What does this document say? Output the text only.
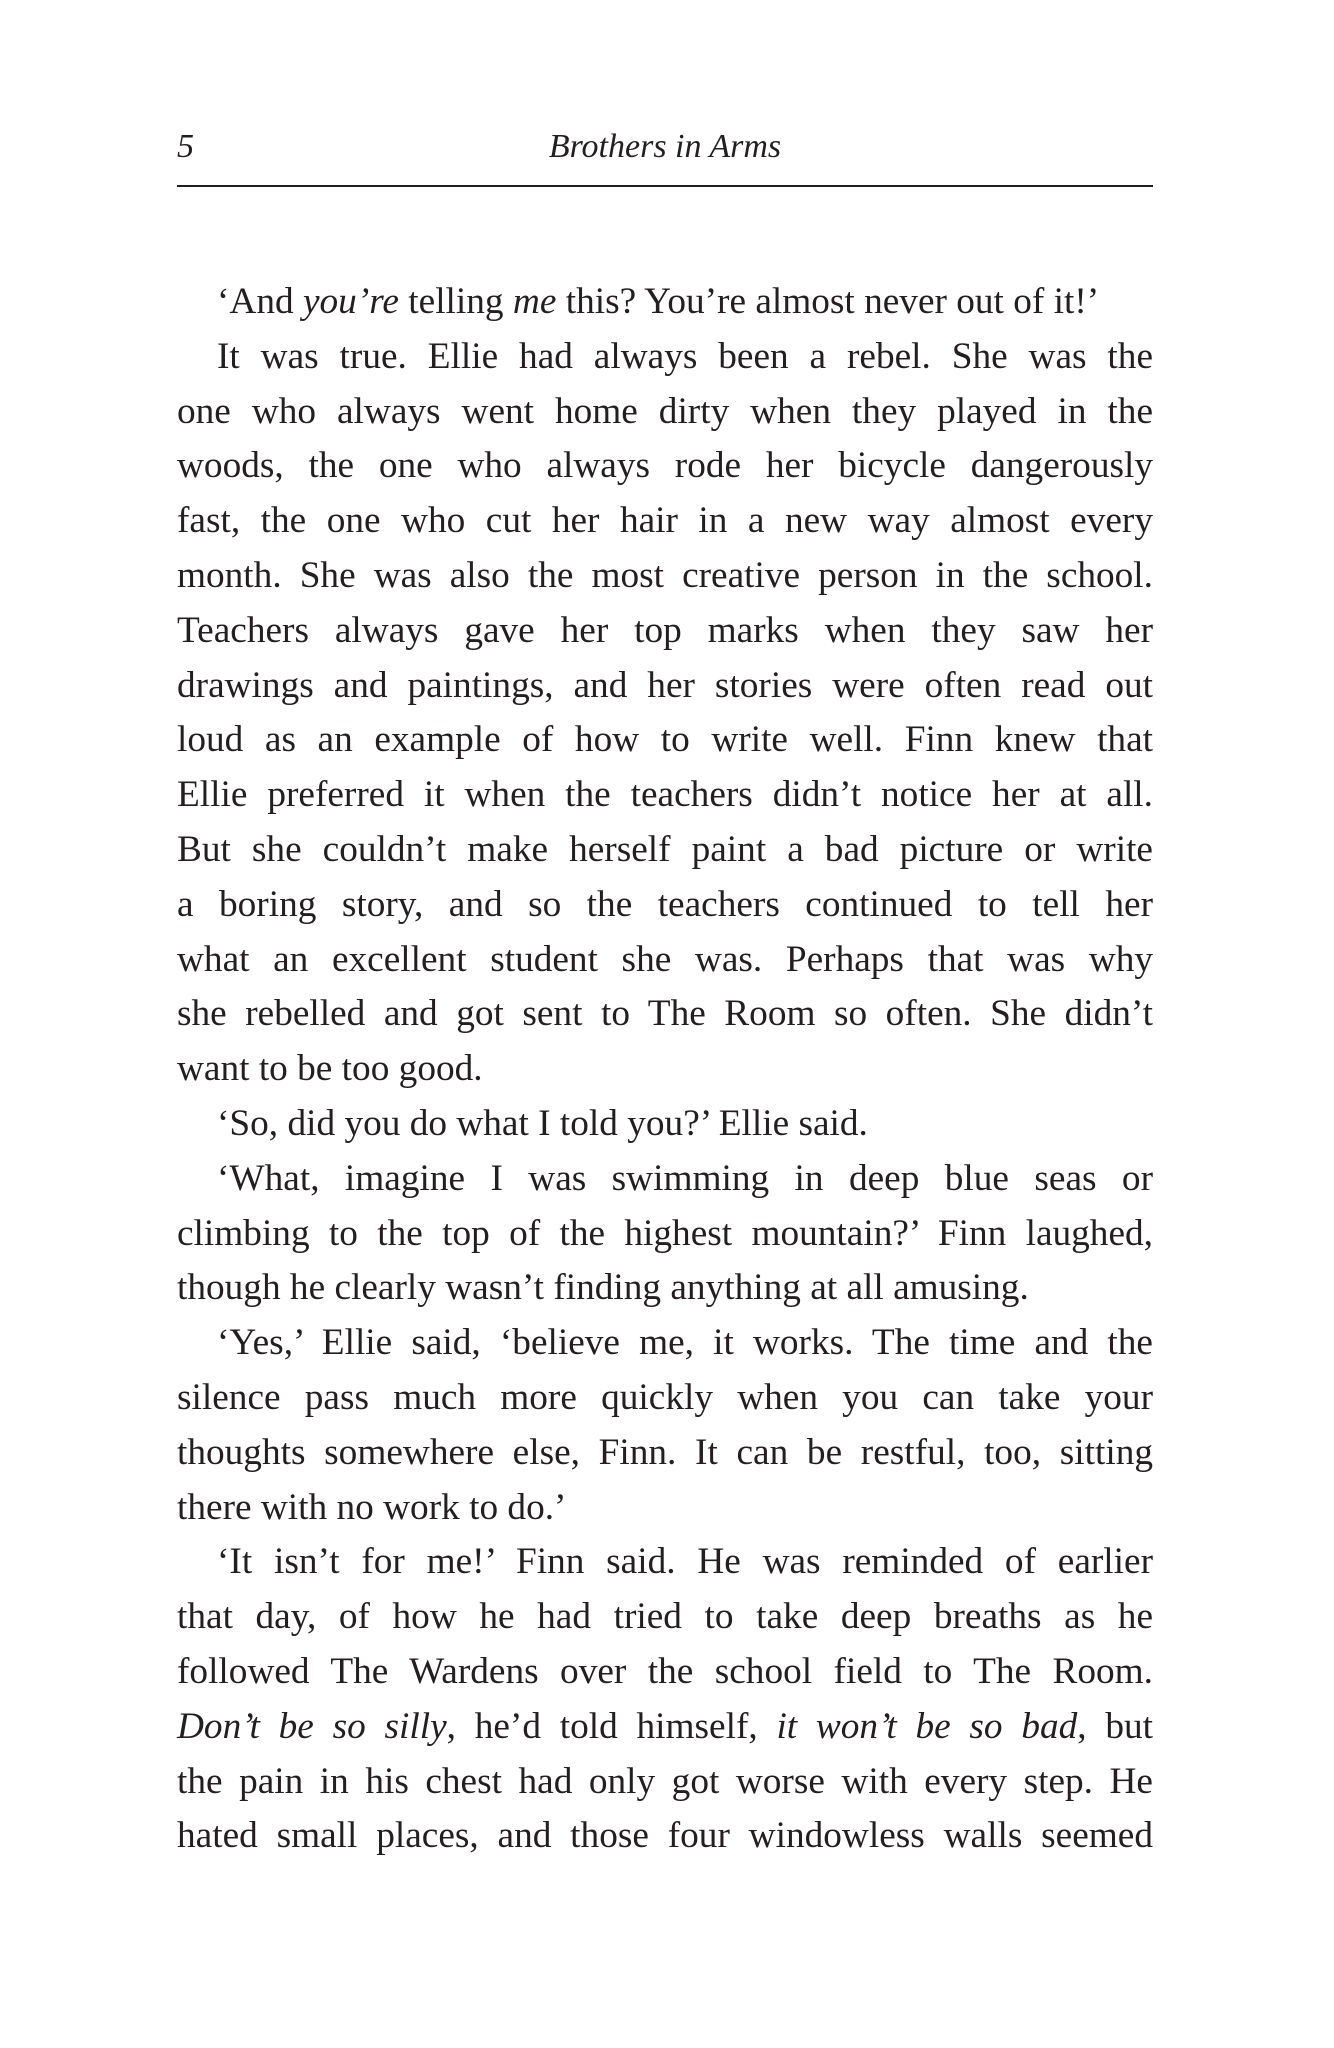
5	Brothers in Arms
‘And you’re telling me this? You’re almost never out of it!’
It was true. Ellie had always been a rebel. She was the
one who always went home dirty when they played in the
woods, the one who always rode her bicycle dangerously
fast, the one who cut her hair in a new way almost every
month. She was also the most creative person in the school.
Teachers always gave her top marks when they saw her
drawings and paintings, and her stories were often read out
loud as an example of how to write well. Finn knew that
Ellie preferred it when the teachers didn’t notice her at all.
But she couldn’t make herself paint a bad picture or write
a boring story, and so the teachers continued to tell her
what an excellent student she was. Perhaps that was why
she rebelled and got sent to The Room so often. She didn’t
want to be too good.
‘So, did you do what I told you?’ Ellie said.
‘What, imagine I was swimming in deep blue seas or
climbing to the top of the highest mountain?’ Finn laughed,
though he clearly wasn’t finding anything at all amusing.
‘Yes,’ Ellie said, ‘believe me, it works. The time and the
silence pass much more quickly when you can take your
thoughts somewhere else, Finn. It can be restful, too, sitting
there with no work to do.’
‘It isn’t for me!’ Finn said. He was reminded of earlier
that day, of how he had tried to take deep breaths as he
followed The Wardens over the school field to The Room.
Don’t be so silly, he’d told himself, it won’t be so bad, but
the pain in his chest had only got worse with every step. He
hated small places, and those four windowless walls seemed
